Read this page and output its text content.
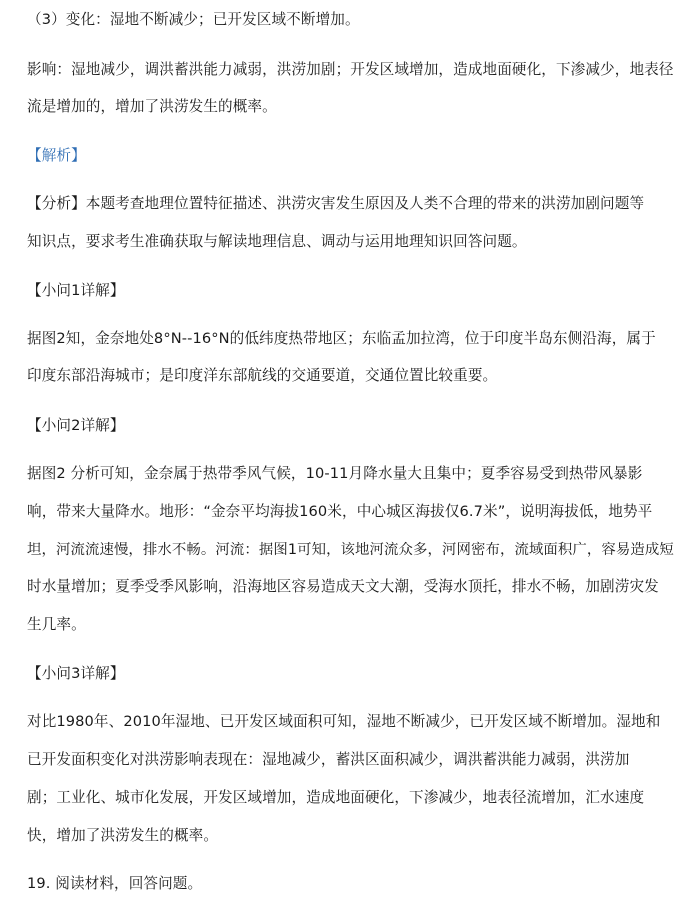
（3）变化：湿地不断减少；已开发区域不断增加。
影响：湿地减少，调洪蓄洪能力减弱，洪涝加剧；开发区域增加，造成地面硬化，下渗减少，地表径
流是增加的，增加了洪涝发生的概率。
【解析】
【分析】本题考查地理位置特征描述、洪涝灾害发生原因及人类不合理的带来的洪涝加剧问题等
知识点，要求考生准确获取与解读地理信息、调动与运用地理知识回答问题。
【小问1详解】
据图2知，金奈地处8°N--16°N的低纬度热带地区；东临孟加拉湾，位于印度半岛东侧沿海，属于
印度东部沿海城市；是印度洋东部航线的交通要道，交通位置比较重要。
【小问2详解】
据图2 分析可知，金奈属于热带季风气候，10-11月降水量大且集中；夏季容易受到热带风暴影
响，带来大量降水。地形：“金奈平均海拔160米，中心城区海拔仅6.7米”，说明海拔低，地势平
坦，河流流速慢，排水不畅。河流：据图1可知，该地河流众多，河网密布，流域面积广，容易造成短
时水量增加；夏季受季风影响，沿海地区容易造成天文大潮，受海水顶托，排水不畅，加剧涝灾发
生几率。
【小问3详解】
对比1980年、2010年湿地、已开发区域面积可知，湿地不断减少，已开发区域不断增加。湿地和
已开发面积变化对洪涝影响表现在：湿地减少，蓄洪区面积减少，调洪蓄洪能力减弱，洪涝加
剧；工业化、城市化发展，开发区域增加，造成地面硬化，下渗减少，地表径流增加，汇水速度
快，增加了洪涝发生的概率。
19. 阅读材料，回答问题。
